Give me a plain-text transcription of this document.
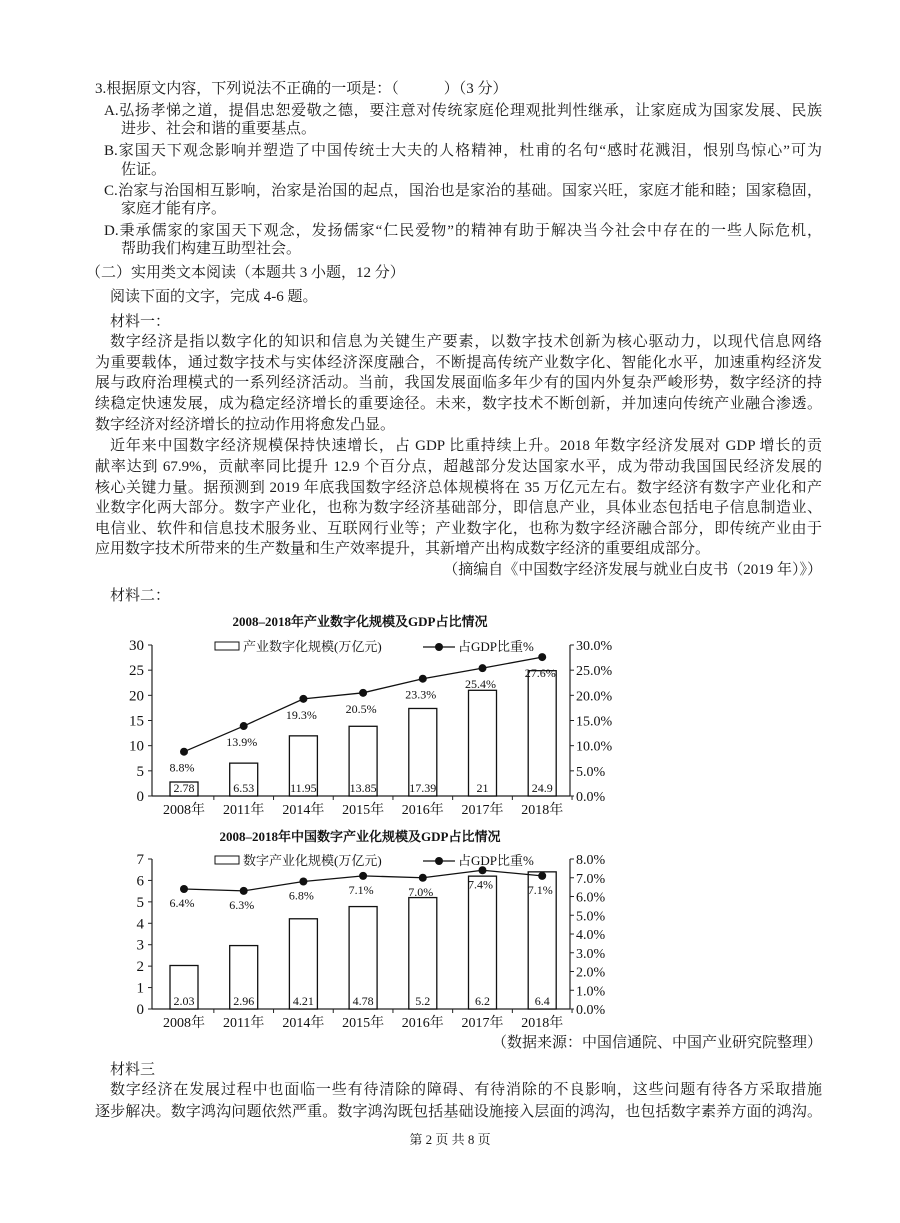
3.根据原文内容，下列说法不正确的一项是：（　　　）（3 分）
A.弘扬孝悌之道，提倡忠恕爱敬之德，要注意对传统家庭伦理观批判性继承，让家庭成为国家发展、民族
进步、社会和谐的重要基点。
B.家国天下观念影响并塑造了中国传统士大夫的人格精神，杜甫的名句“感时花溅泪，恨别鸟惊心”可为
佐证。
C.治家与治国相互影响，治家是治国的起点，国治也是家治的基础。国家兴旺，家庭才能和睦；国家稳固，
家庭才能有序。
D.秉承儒家的家国天下观念，发扬儒家“仁民爱物”的精神有助于解决当今社会中存在的一些人际危机，
帮助我们构建互助型社会。
（二）实用类文本阅读（本题共 3 小题，12 分）
阅读下面的文字，完成 4-6 题。
材料一：
数字经济是指以数字化的知识和信息为关键生产要素，以数字技术创新为核心驱动力，以现代信息网络
为重要载体，通过数字技术与实体经济深度融合，不断提高传统产业数字化、智能化水平，加速重构经济发
展与政府治理模式的一系列经济活动。当前，我国发展面临多年少有的国内外复杂严峻形势，数字经济的持
续稳定快速发展，成为稳定经济增长的重要途径。未来，数字技术不断创新，并加速向传统产业融合渗透。
数字经济对经济增长的拉动作用将愈发凸显。
近年来中国数字经济规模保持快速增长，占 GDP 比重持续上升。2018 年数字经济发展对 GDP 增长的贡
献率达到 67.9%，贡献率同比提升 12.9 个百分点，超越部分发达国家水平，成为带动我国国民经济发展的
核心关键力量。据预测到 2019 年底我国数字经济总体规模将在 35 万亿元左右。数字经济有数字产业化和产
业数字化两大部分。数字产业化，也称为数字经济基础部分，即信息产业，具体业态包括电子信息制造业、
电信业、软件和信息技术服务业、互联网行业等；产业数字化，也称为数字经济融合部分，即传统产业由于
应用数字技术所带来的生产数量和生产效率提升，其新增产出构成数字经济的重要组成部分。
（摘编自《中国数字经济发展与就业白皮书（2019 年）》）
材料二：
2008–2018年产业数字化规模及GDP占比情况
0
5
10
15
20
25
30
0.0%
5.0%
10.0%
15.0%
20.0%
25.0%
30.0%
2008年
2.78
2011年
6.53
2014年
11.95
2015年
13.85
2016年
17.39
2017年
21
2018年
24.9
8.8%
13.9%
19.3% 20.5%
23.3%
25.4%
27.6%
产业数字化规模(万亿元)	占GDP比重%
2008–2018年中国数字产业化规模及GDP占比情况
0
1
2
3
4
5
6
7
0.0%
1.0%
2.0%
3.0%
4.0%
5.0%
6.0%
7.0%
8.0%
2008年
2.03
2011年
2.96
2014年
4.21
2015年
4.78
2016年
5.2
2017年
6.2
2018年
6.4
6.4%	6.3%
6.8%	7.1%	7.0%
7.4%	7.1%
数字产业化规模(万亿元)	占GDP比重%
（数据来源：中国信通院、中国产业研究院整理）
材料三
数字经济在发展过程中也面临一些有待清除的障碍、有待消除的不良影响，这些问题有待各方采取措施
逐步解决。数字鸿沟问题依然严重。数字鸿沟既包括基础设施接入层面的鸿沟，也包括数字素养方面的鸿沟。
第 2 页 共 8 页
